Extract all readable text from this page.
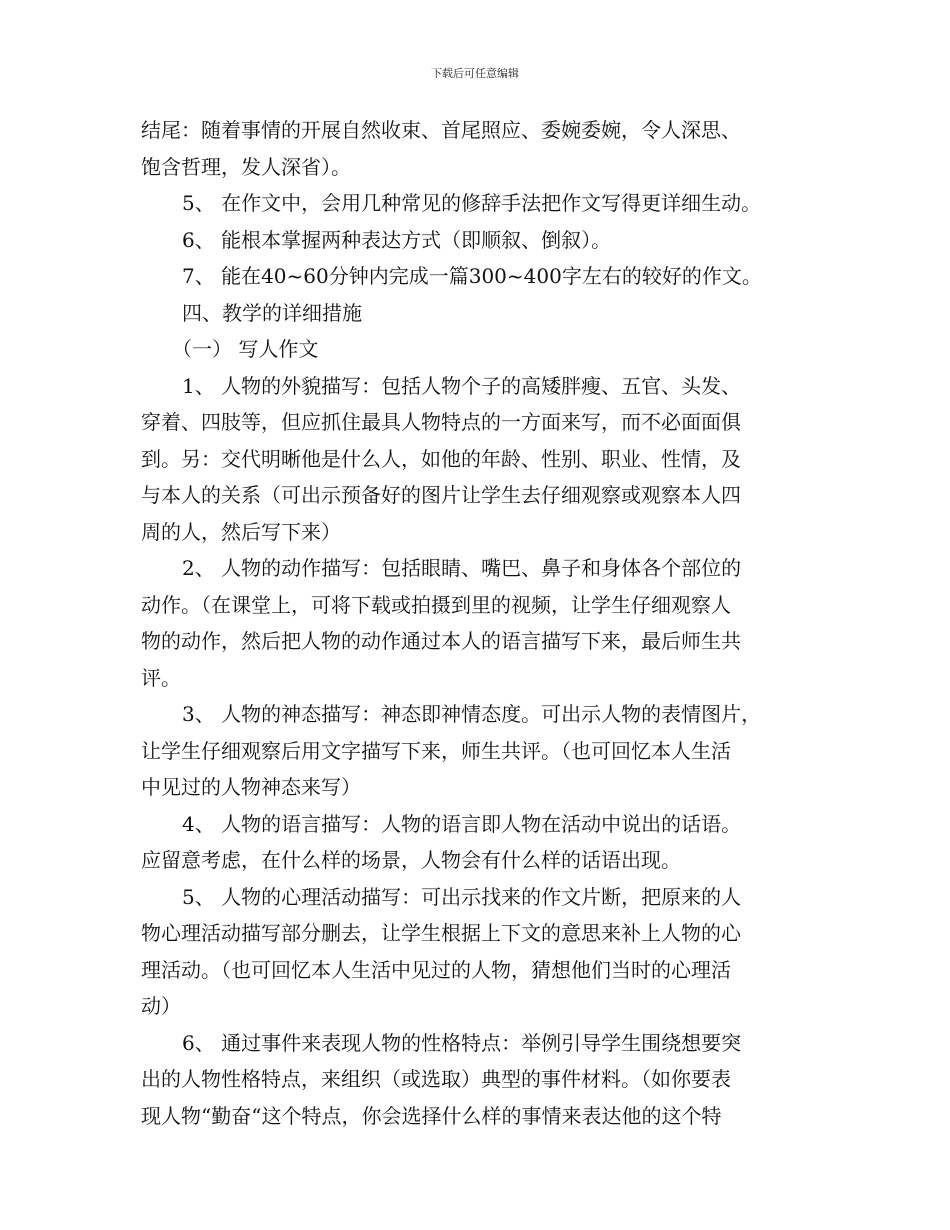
下载后可任意编辑
结尾：随着事情的开展自然收束、首尾照应、委婉委婉，令人深思、
饱含哲理，发人深省）。
5、 在作文中，会用几种常见的修辞手法把作文写得更详细生动。
6、 能根本掌握两种表达方式（即顺叙、倒叙）。
7、 能在40~60分钟内完成一篇300~400字左右的较好的作文。
四、教学的详细措施
（一） 写人作文
1、 人物的外貌描写：包括人物个子的高矮胖瘦、五官、头发、
穿着、四肢等，但应抓住最具人物特点的一方面来写，而不必面面俱
到。另：交代明晰他是什么人，如他的年龄、性别、职业、性情，及
与本人的关系（可出示预备好的图片让学生去仔细观察或观察本人四
周的人，然后写下来）
2、 人物的动作描写：包括眼睛、嘴巴、鼻子和身体各个部位的
动作。（在课堂上，可将下载或拍摄到里的视频，让学生仔细观察人
物的动作，然后把人物的动作通过本人的语言描写下来，最后师生共
评。
3、 人物的神态描写：神态即神情态度。可出示人物的表情图片，
让学生仔细观察后用文字描写下来，师生共评。（也可回忆本人生活
中见过的人物神态来写）
4、 人物的语言描写：人物的语言即人物在活动中说出的话语。
应留意考虑，在什么样的场景，人物会有什么样的话语出现。
5、 人物的心理活动描写：可出示找来的作文片断，把原来的人
物心理活动描写部分删去，让学生根据上下文的意思来补上人物的心
理活动。（也可回忆本人生活中见过的人物，猜想他们当时的心理活
动）
6、 通过事件来表现人物的性格特点：举例引导学生围绕想要突
出的人物性格特点，来组织（或选取）典型的事件材料。（如你要表
现人物“勤奋“这个特点，你会选择什么样的事情来表达他的这个特
